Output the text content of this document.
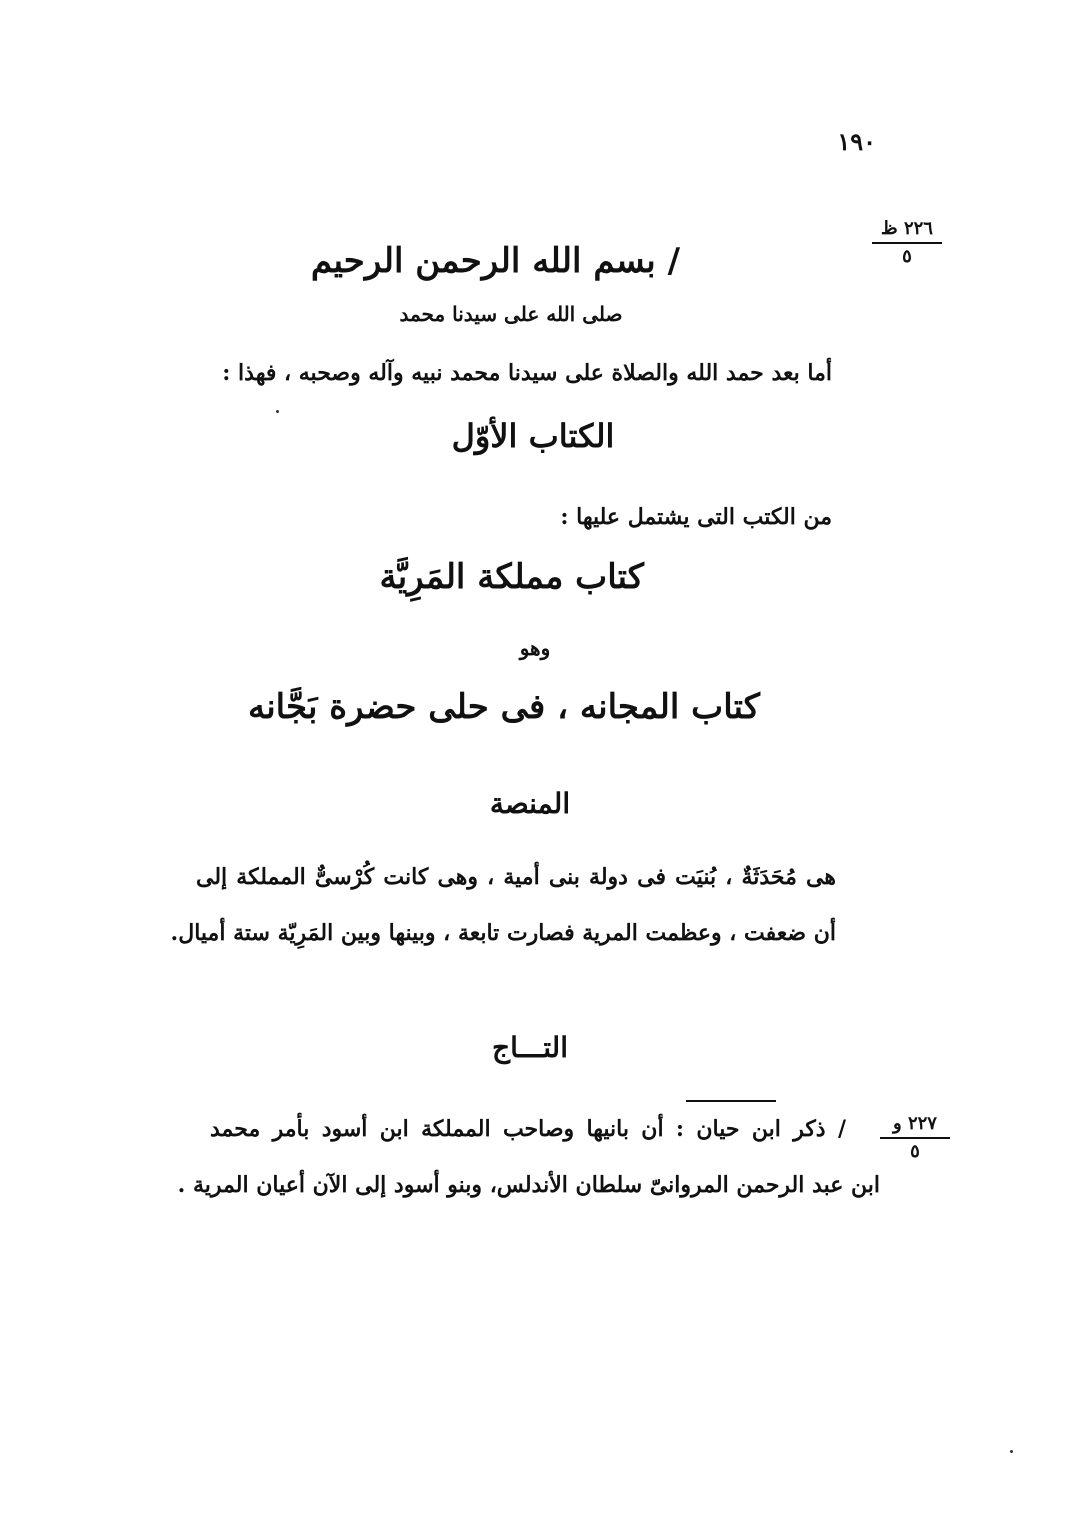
١٩٠
٢٢٦ ظ
٥
/ بسم الله الرحمن الرحيم
صلى الله على سيدنا محمد
أما بعد حمد الله والصلاة على سيدنا محمد نبيه وآله وصحبه ، فهذا :
الكتاب الأوّل
من الكتب التى يشتمل عليها :
كتاب مملكة المَرِيَّة
وهو
كتاب المجانه ، فى حلى حضرة بَجَّانه
المنصة
هى مُحَدَثَةٌ ، بُنيَت فى دولة بنى أمية ، وهى كانت كُرْسىٌّ المملكة إلى
أن ضعفت ، وعظمت المرية فصارت تابعة ، وبينها وبين المَرِيّة ستة أميال.
التـــاج
٢٢٧ و
٥
/ ذكر ابن حيان : أن بانيها وصاحب المملكة ابن أسود بأمر محمد
ابن عبد الرحمن المروانىّ سلطان الأندلس، وبنو أسود إلى الآن أعيان المرية .
